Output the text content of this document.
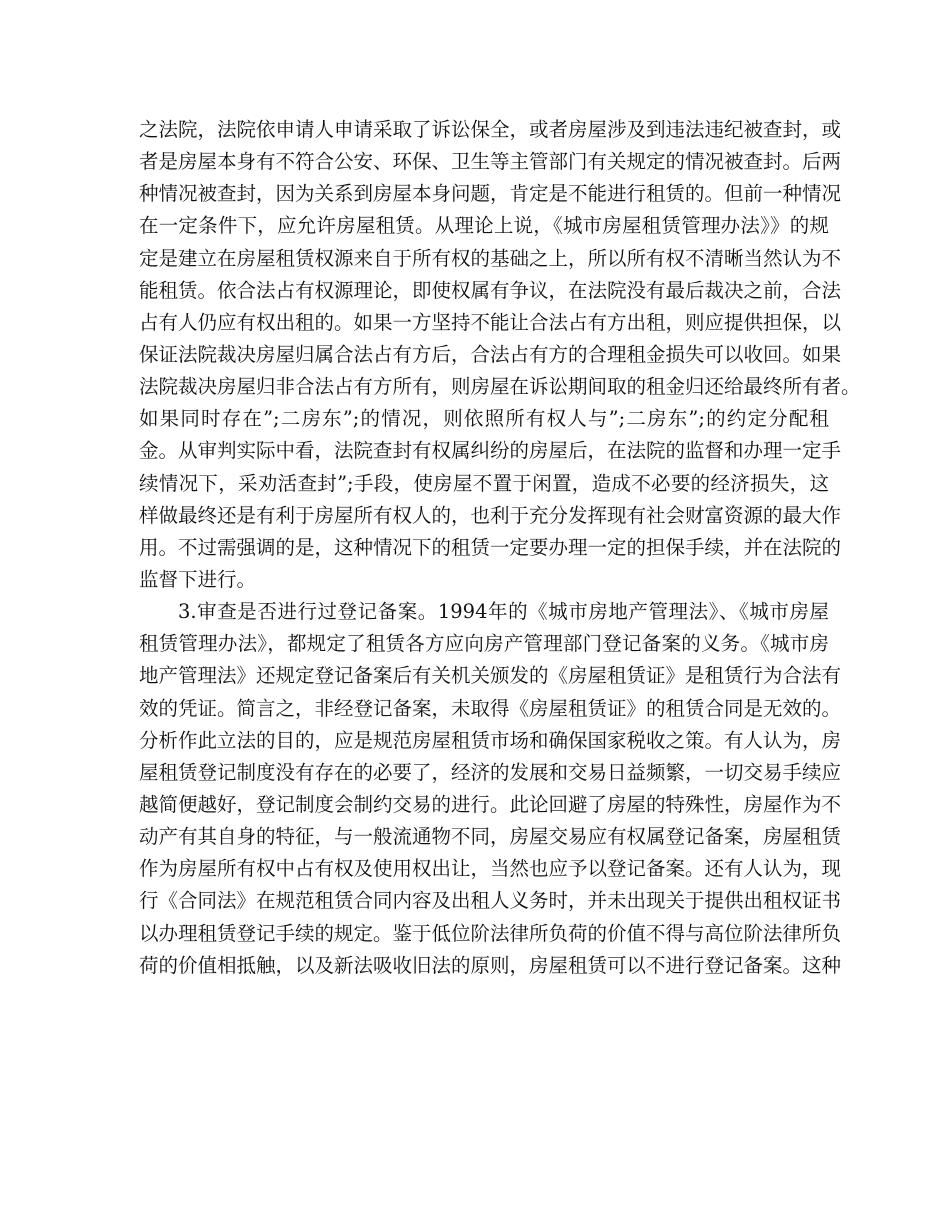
之法院，法院依申请人申请采取了诉讼保全，或者房屋涉及到违法违纪被查封，或
者是房屋本身有不符合公安、环保、卫生等主管部门有关规定的情况被查封。后两
种情况被查封，因为关系到房屋本身问题，肯定是不能进行租赁的。但前一种情况
在一定条件下，应允许房屋租赁。从理论上说，《城市房屋租赁管理办法》》的规
定是建立在房屋租赁权源来自于所有权的基础之上，所以所有权不清晰当然认为不
能租赁。依合法占有权源理论，即使权属有争议，在法院没有最后裁决之前，合法
占有人仍应有权出租的。如果一方坚持不能让合法占有方出租，则应提供担保，以
保证法院裁决房屋归属合法占有方后，合法占有方的合理租金损失可以收回。如果
法院裁决房屋归非合法占有方所有，则房屋在诉讼期间取的租金归还给最终所有者。
如果同时存在”;二房东”;的情况，则依照所有权人与”;二房东”;的约定分配租
金。从审判实际中看，法院查封有权属纠纷的房屋后，在法院的监督和办理一定手
续情况下，采劝活查封”;手段，使房屋不置于闲置，造成不必要的经济损失，这
样做最终还是有利于房屋所有权人的，也利于充分发挥现有社会财富资源的最大作
用。不过需强调的是，这种情况下的租赁一定要办理一定的担保手续，并在法院的
监督下进行。
3.审查是否进行过登记备案。1994年的《城市房地产管理法》、《城市房屋
租赁管理办法》，都规定了租赁各方应向房产管理部门登记备案的义务。《城市房
地产管理法》还规定登记备案后有关机关颁发的《房屋租赁证》是租赁行为合法有
效的凭证。简言之，非经登记备案，未取得《房屋租赁证》的租赁合同是无效的。
分析作此立法的目的，应是规范房屋租赁市场和确保国家税收之策。有人认为，房
屋租赁登记制度没有存在的必要了，经济的发展和交易日益频繁，一切交易手续应
越简便越好，登记制度会制约交易的进行。此论回避了房屋的特殊性，房屋作为不
动产有其自身的特征，与一般流通物不同，房屋交易应有权属登记备案，房屋租赁
作为房屋所有权中占有权及使用权出让，当然也应予以登记备案。还有人认为，现
行《合同法》在规范租赁合同内容及出租人义务时，并未出现关于提供出租权证书
以办理租赁登记手续的规定。鉴于低位阶法律所负荷的价值不得与高位阶法律所负
荷的价值相抵触，以及新法吸收旧法的原则，房屋租赁可以不进行登记备案。这种
